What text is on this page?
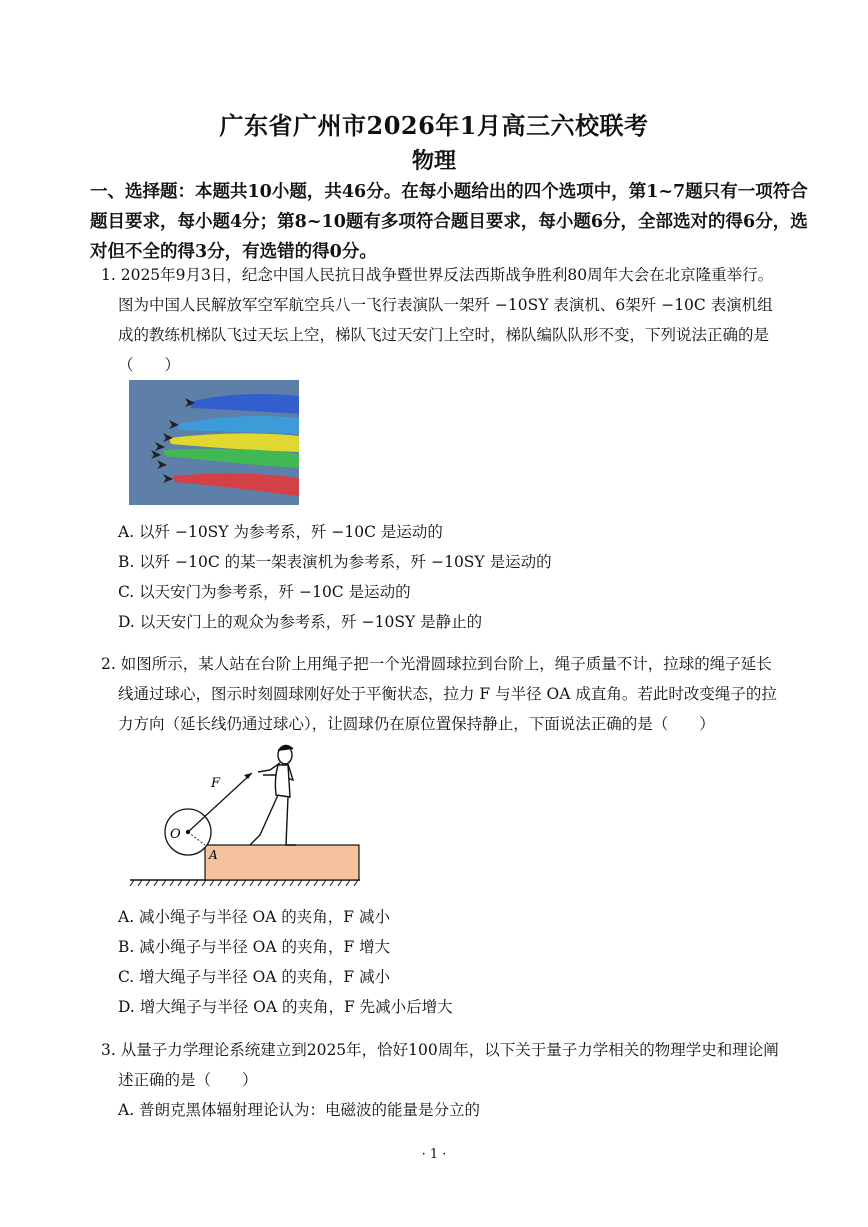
广东省广州市2026年1月高三六校联考
物理
一、选择题：本题共10小题，共46分。在每小题给出的四个选项中，第1~7题只有一项符合
题目要求，每小题4分；第8~10题有多项符合题目要求，每小题6分，全部选对的得6分，选
对但不全的得3分，有选错的得0分。
1. 2025年9月3日，纪念中国人民抗日战争暨世界反法西斯战争胜利80周年大会在北京隆重举行。
图为中国人民解放军空军航空兵八一飞行表演队一架歼 −10SY 表演机、6架歼 −10C 表演机组
成的教练机梯队飞过天坛上空，梯队飞过天安门上空时，梯队编队队形不变，下列说法正确的是
（　　）
A. 以歼 −10SY 为参考系，歼 −10C 是运动的
B. 以歼 −10C 的某一架表演机为参考系，歼 −10SY 是运动的
C. 以天安门为参考系，歼 −10C 是运动的
D. 以天安门上的观众为参考系，歼 −10SY 是静止的
2. 如图所示，某人站在台阶上用绳子把一个光滑圆球拉到台阶上，绳子质量不计，拉球的绳子延长
线通过球心，图示时刻圆球刚好处于平衡状态，拉力 F 与半径 OA 成直角。若此时改变绳子的拉
力方向（延长线仍通过球心），让圆球仍在原位置保持静止，下面说法正确的是（　　）
F
O
A
A. 减小绳子与半径 OA 的夹角，F 减小
B. 减小绳子与半径 OA 的夹角，F 增大
C. 增大绳子与半径 OA 的夹角，F 减小
D. 增大绳子与半径 OA 的夹角，F 先减小后增大
3. 从量子力学理论系统建立到2025年，恰好100周年，以下关于量子力学相关的物理学史和理论阐
述正确的是（　　）
A. 普朗克黑体辐射理论认为：电磁波的能量是分立的
· 1 ·
